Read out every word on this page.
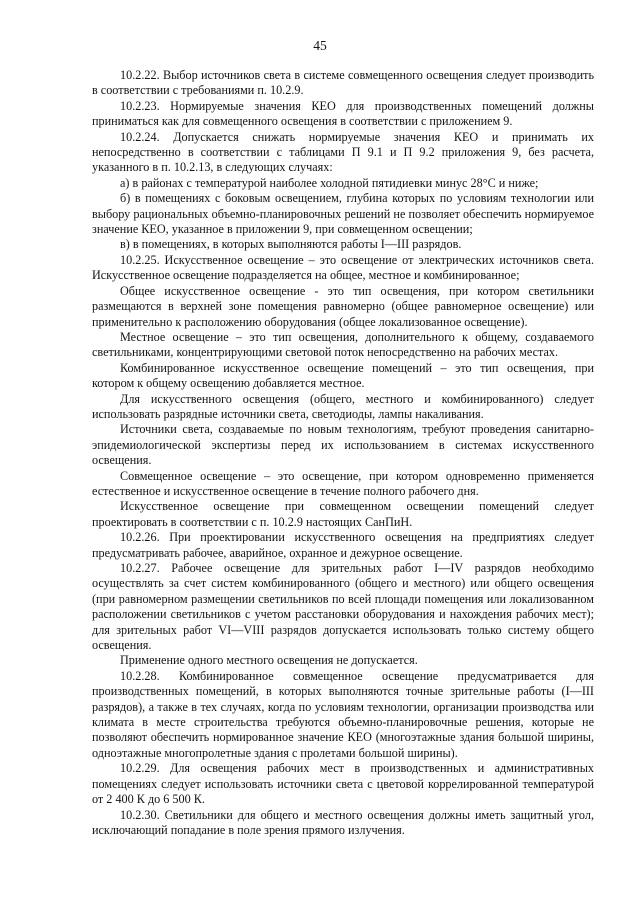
45

10.2.22. Выбор источников света в системе совмещенного освещения следует производить в соответствии с требованиями п. 10.2.9.

10.2.23. Нормируемые значения КЕО для производственных помещений должны приниматься как для совмещенного освещения в соответствии с приложением 9.

10.2.24. Допускается снижать нормируемые значения КЕО и принимать их непосредственно в соответствии с таблицами П 9.1 и П 9.2 приложения 9, без расчета, указанного в п. 10.2.13, в следующих случаях:

а) в районах с температурой наиболее холодной пятидиевки минус 28°С и ниже;

б) в помещениях с боковым освещением, глубина которых по условиям технологии или выбору рациональных объемно-планировочных решений не позволяет обеспечить нормируемое значение КЕО, указанное в приложении 9, при совмещенном освещении;

в) в помещениях, в которых выполняются работы I—III разрядов.

10.2.25. Искусственное освещение – это освещение от электрических источников света. Искусственное освещение подразделяется на общее, местное и комбинированное;

Общее искусственное освещение - это тип освещения, при котором светильники размещаются в верхней зоне помещения равномерно (общее равномерное освещение) или применительно к расположению оборудования (общее локализованное освещение).

Местное освещение – это тип освещения, дополнительного к общему, создаваемого светильниками, концентрирующими световой поток непосредственно на рабочих местах.

Комбинированное искусственное освещение помещений – это тип освещения, при котором к общему освещению добавляется местное.

Для искусственного освещения (общего, местного и комбинированного) следует использовать разрядные источники света, светодиоды, лампы накаливания.

Источники света, создаваемые по новым технологиям, требуют проведения санитарно-эпидемиологической экспертизы перед их использованием в системах искусственного освещения.

Совмещенное освещение – это освещение, при котором одновременно применяется естественное и искусственное освещение в течение полного рабочего дня.

Искусственное освещение при совмещенном освещении помещений следует проектировать в соответствии с п. 10.2.9 настоящих СанПиН.

10.2.26. При проектировании искусственного освещения на предприятиях следует предусматривать рабочее, аварийное, охранное и дежурное освещение.

10.2.27. Рабочее освещение для зрительных работ I—IV разрядов необходимо осуществлять за счет систем комбинированного (общего и местного) или общего освещения (при равномерном размещении светильников по всей площади помещения или локализованном расположении светильников с учетом расстановки оборудования и нахождения рабочих мест); для зрительных работ VI—VIII разрядов допускается использовать только систему общего освещения.

Применение одного местного освещения не допускается.

10.2.28. Комбинированное совмещенное освещение предусматривается для производственных помещений, в которых выполняются точные зрительные работы (I—III разрядов), а также в тех случаях, когда по условиям технологии, организации производства или климата в месте строительства требуются объемно-планировочные решения, которые не позволяют обеспечить нормированное значение КЕО (многоэтажные здания большой ширины, одноэтажные многопролетные здания с пролетами большой ширины).

10.2.29. Для освещения рабочих мест в производственных и административных помещениях следует использовать источники света с цветовой коррелированной температурой от 2 400 К до 6 500 К.

10.2.30. Светильники для общего и местного освещения должны иметь защитный угол, исключающий попадание в поле зрения прямого излучения.
